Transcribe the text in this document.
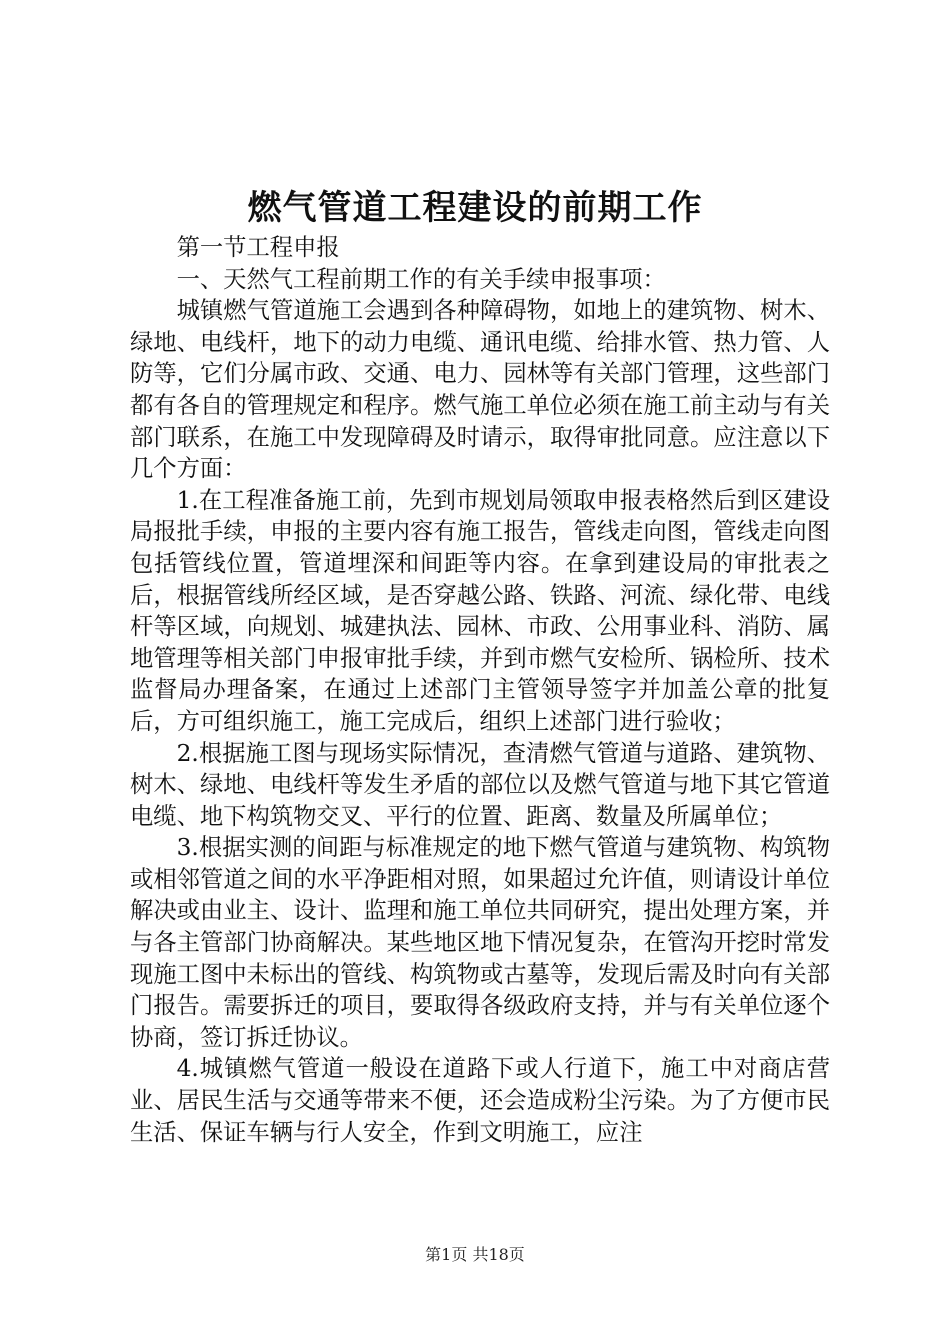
燃气管道工程建设的前期工作

第一节工程申报

一、天然气工程前期工作的有关手续申报事项：

城镇燃气管道施工会遇到各种障碍物，如地上的建筑物、树木、绿地、电线杆，地下的动力电缆、通讯电缆、给排水管、热力管、人防等，它们分属市政、交通、电力、园林等有关部门管理，这些部门都有各自的管理规定和程序。燃气施工单位必须在施工前主动与有关部门联系，在施工中发现障碍及时请示，取得审批同意。应注意以下几个方面：

1.在工程准备施工前，先到市规划局领取申报表格然后到区建设局报批手续，申报的主要内容有施工报告，管线走向图，管线走向图包括管线位置，管道埋深和间距等内容。在拿到建设局的审批表之后，根据管线所经区域，是否穿越公路、铁路、河流、绿化带、电线杆等区域，向规划、城建执法、园林、市政、公用事业科、消防、属地管理等相关部门申报审批手续，并到市燃气安检所、锅检所、技术监督局办理备案，在通过上述部门主管领导签字并加盖公章的批复后，方可组织施工，施工完成后，组织上述部门进行验收；

2.根据施工图与现场实际情况，查清燃气管道与道路、建筑物、树木、绿地、电线杆等发生矛盾的部位以及燃气管道与地下其它管道电缆、地下构筑物交叉、平行的位置、距离、数量及所属单位；

3.根据实测的间距与标准规定的地下燃气管道与建筑物、构筑物或相邻管道之间的水平净距相对照，如果超过允许值，则请设计单位解决或由业主、设计、监理和施工单位共同研究，提出处理方案，并与各主管部门协商解决。某些地区地下情况复杂，在管沟开挖时常发现施工图中未标出的管线、构筑物或古墓等，发现后需及时向有关部门报告。需要拆迁的项目，要取得各级政府支持，并与有关单位逐个协商，签订拆迁协议。

4.城镇燃气管道一般设在道路下或人行道下，施工中对商店营业、居民生活与交通等带来不便，还会造成粉尘污染。为了方便市民生活、保证车辆与行人安全，作到文明施工，应注

第1页 共18页
